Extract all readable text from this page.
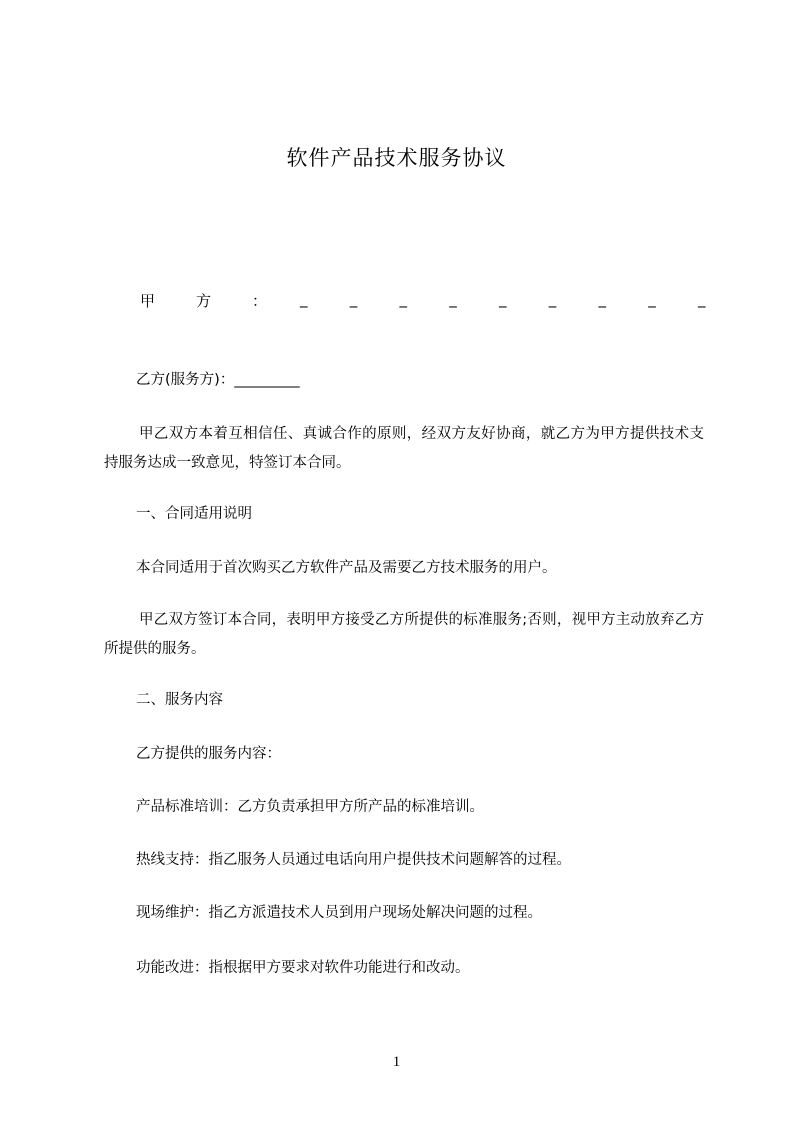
软件产品技术服务协议
甲	方	： _	_	_	_	_	_	_	_	_
乙方(服务方)：_________
甲乙双方本着互相信任、真诚合作的原则，经双方友好协商，就乙方为甲方提供技术支持服务达成一致意见，特签订本合同。
一、合同适用说明
本合同适用于首次购买乙方软件产品及需要乙方技术服务的用户。
甲乙双方签订本合同，表明甲方接受乙方所提供的标准服务;否则，视甲方主动放弃乙方所提供的服务。
二、服务内容
乙方提供的服务内容：
产品标准培训：乙方负责承担甲方所产品的标准培训。
热线支持：指乙服务人员通过电话向用户提供技术问题解答的过程。
现场维护：指乙方派遣技术人员到用户现场处解决问题的过程。
功能改进：指根据甲方要求对软件功能进行和改动。
1
